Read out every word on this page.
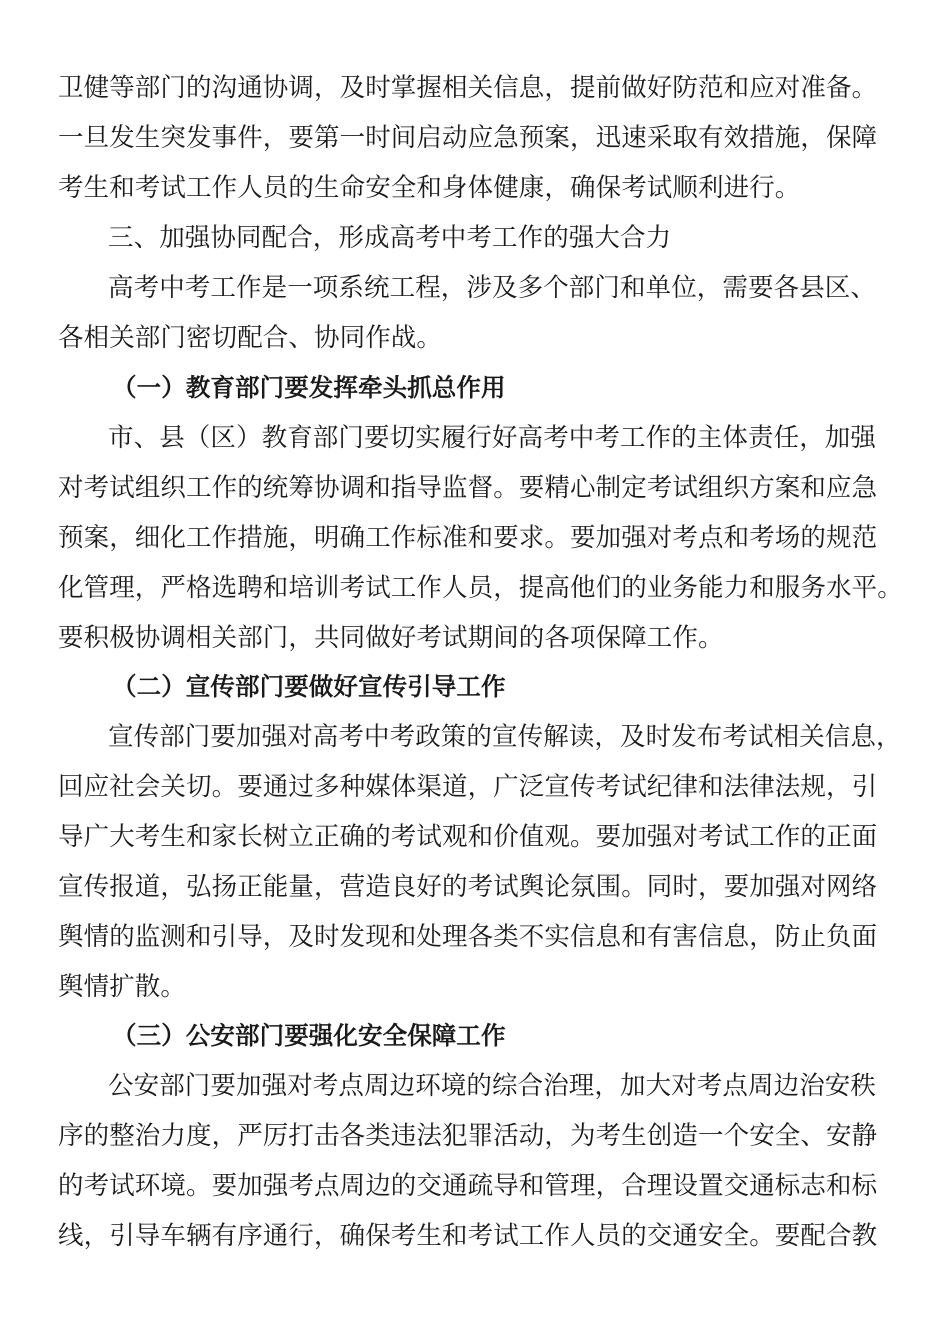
卫健等部门的沟通协调，及时掌握相关信息，提前做好防范和应对准备。
一旦发生突发事件，要第一时间启动应急预案，迅速采取有效措施，保障
考生和考试工作人员的生命安全和身体健康，确保考试顺利进行。
三、加强协同配合，形成高考中考工作的强大合力
高考中考工作是一项系统工程，涉及多个部门和单位，需要各县区、
各相关部门密切配合、协同作战。
（一）教育部门要发挥牵头抓总作用
市、县（区）教育部门要切实履行好高考中考工作的主体责任，加强
对考试组织工作的统筹协调和指导监督。要精心制定考试组织方案和应急
预案，细化工作措施，明确工作标准和要求。要加强对考点和考场的规范
化管理，严格选聘和培训考试工作人员，提高他们的业务能力和服务水平。
要积极协调相关部门，共同做好考试期间的各项保障工作。
（二）宣传部门要做好宣传引导工作
宣传部门要加强对高考中考政策的宣传解读，及时发布考试相关信息，
回应社会关切。要通过多种媒体渠道，广泛宣传考试纪律和法律法规，引
导广大考生和家长树立正确的考试观和价值观。要加强对考试工作的正面
宣传报道，弘扬正能量，营造良好的考试舆论氛围。同时，要加强对网络
舆情的监测和引导，及时发现和处理各类不实信息和有害信息，防止负面
舆情扩散。
（三）公安部门要强化安全保障工作
公安部门要加强对考点周边环境的综合治理，加大对考点周边治安秩
序的整治力度，严厉打击各类违法犯罪活动，为考生创造一个安全、安静
的考试环境。要加强考点周边的交通疏导和管理，合理设置交通标志和标
线，引导车辆有序通行，确保考生和考试工作人员的交通安全。要配合教
